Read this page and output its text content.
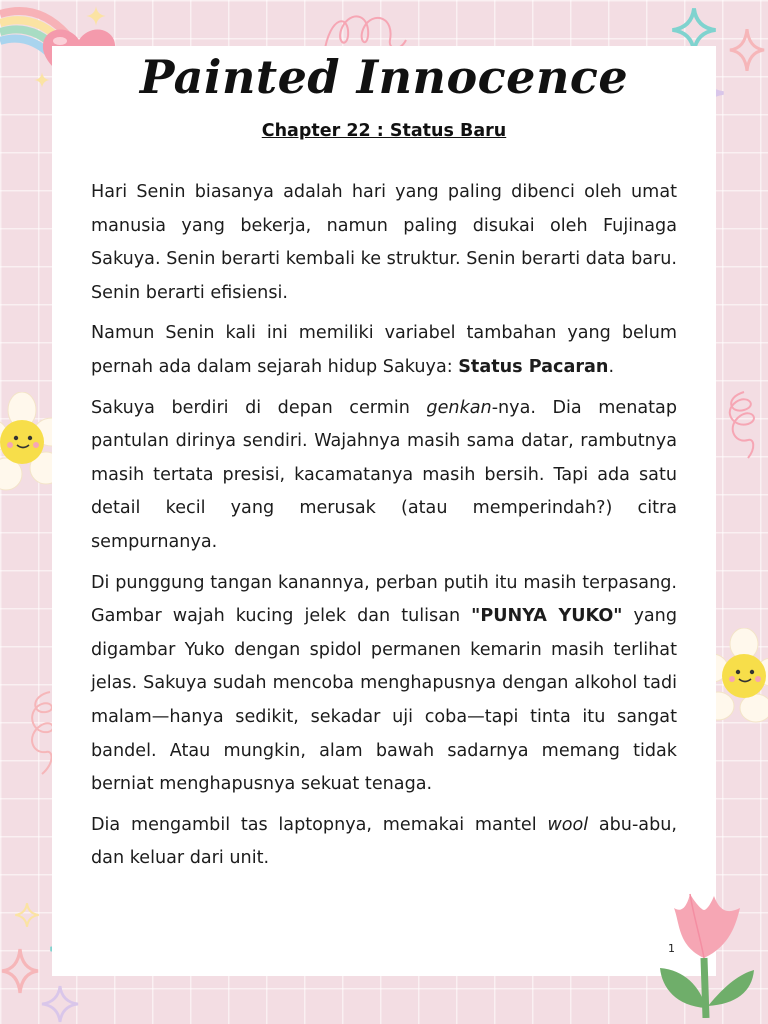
Painted Innocence
Chapter 22 : Status Baru

Hari Senin biasanya adalah hari yang paling dibenci oleh umat manusia yang bekerja, namun paling disukai oleh Fujinaga Sakuya. Senin berarti kembali ke struktur. Senin berarti data baru. Senin berarti efisiensi.

Namun Senin kali ini memiliki variabel tambahan yang belum pernah ada dalam sejarah hidup Sakuya: Status Pacaran.

Sakuya berdiri di depan cermin genkan-nya. Dia menatap pantulan dirinya sendiri. Wajahnya masih sama datar, rambutnya masih tertata presisi, kacamatanya masih bersih. Tapi ada satu detail kecil yang merusak (atau memperindah?) citra sempurnanya.

Di punggung tangan kanannya, perban putih itu masih terpasang. Gambar wajah kucing jelek dan tulisan "PUNYA YUKO" yang digambar Yuko dengan spidol permanen kemarin masih terlihat jelas. Sakuya sudah mencoba menghapusnya dengan alkohol tadi malam—hanya sedikit, sekadar uji coba—tapi tinta itu sangat bandel. Atau mungkin, alam bawah sadarnya memang tidak berniat menghapusnya sekuat tenaga.

Dia mengambil tas laptopnya, memakai mantel wool abu-abu, dan keluar dari unit.

1
